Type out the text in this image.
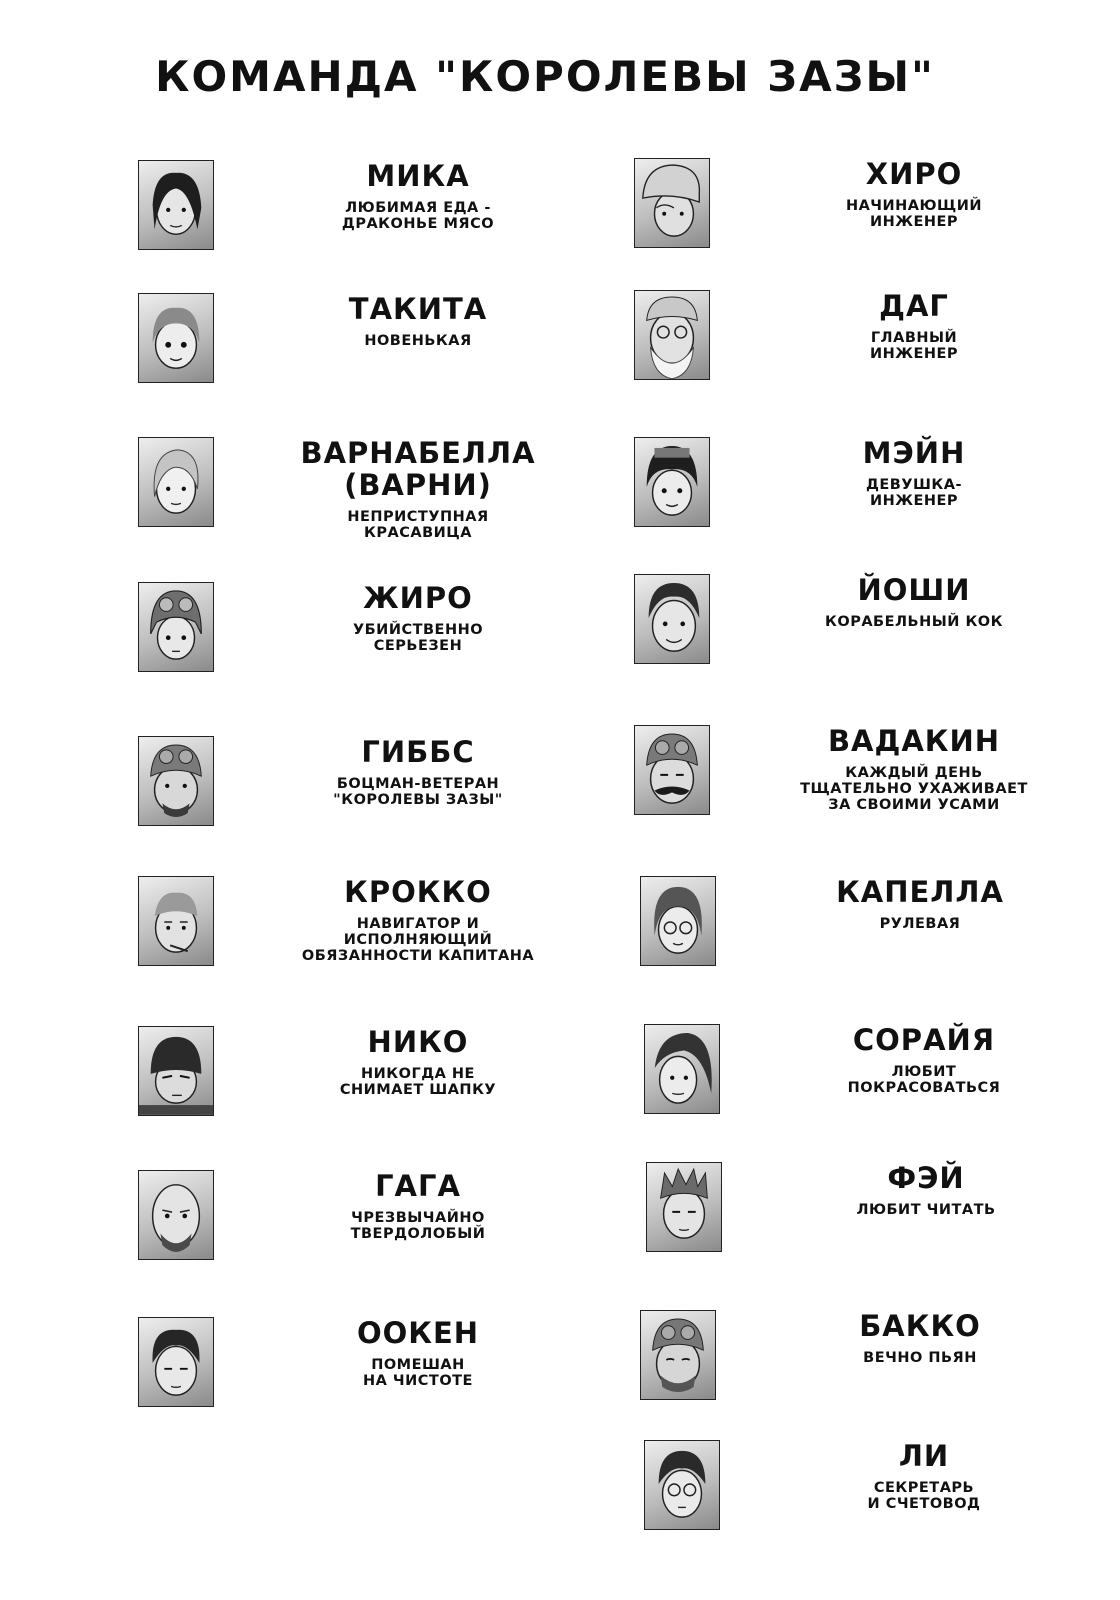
КОМАНДА "КОРОЛЕВЫ ЗАЗЫ"
МИКА
ЛЮБИМАЯ ЕДА -
ДРАКОНЬЕ МЯСО
ТАКИТА
НОВЕНЬКАЯ
ВАРНАБЕЛЛА
(ВАРНИ)
НЕПРИСТУПНАЯ
КРАСАВИЦА
ЖИРО
УБИЙСТВЕННО
СЕРЬЕЗЕН
ГИББС
БОЦМАН-ВЕТЕРАН
"КОРОЛЕВЫ ЗАЗЫ"
КРОККО
НАВИГАТОР И
ИСПОЛНЯЮЩИЙ
ОБЯЗАННОСТИ КАПИТАНА
НИКО
НИКОГДА НЕ
СНИМАЕТ ШАПКУ
ГАГА
ЧРЕЗВЫЧАЙНО
ТВЕРДОЛОБЫЙ
ООКЕН
ПОМЕШАН
НА ЧИСТОТЕ
ХИРО
НАЧИНАЮЩИЙ
ИНЖЕНЕР
ДАГ
ГЛАВНЫЙ
ИНЖЕНЕР
МЭЙН
ДЕВУШКА-
ИНЖЕНЕР
ЙОШИ
КОРАБЕЛЬНЫЙ КОК
ВАДАКИН
КАЖДЫЙ ДЕНЬ
ТЩАТЕЛЬНО УХАЖИВАЕТ
ЗА СВОИМИ УСАМИ
КАПЕЛЛА
РУЛЕВАЯ
СОРАЙЯ
ЛЮБИТ
ПОКРАСОВАТЬСЯ
ФЭЙ
ЛЮБИТ ЧИТАТЬ
БАККО
ВЕЧНО ПЬЯН
ЛИ
СЕКРЕТАРЬ
И СЧЕТОВОД
